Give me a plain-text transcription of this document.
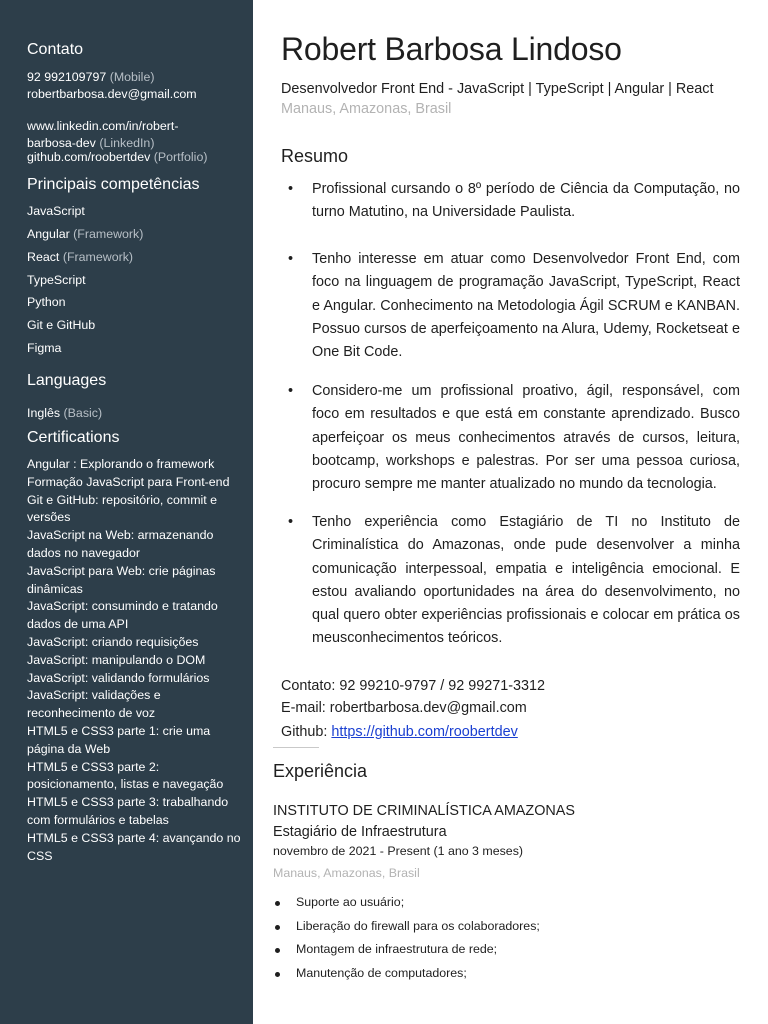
Contato
92 992109797 (Mobile)
robertbarbosa.dev@gmail.com
www.linkedin.com/in/robert-
barbosa-dev (LinkedIn)
github.com/roobertdev (Portfolio)
Principais competências
JavaScript
Angular (Framework)
React (Framework)
TypeScript
Python
Git e GitHub
Figma
Languages
Inglês (Basic)
Certifications
Angular : Explorando o framework
Formação JavaScript para Front-end
Git e GitHub: repositório, commit e versões
JavaScript na Web: armazenando dados no navegador
JavaScript para Web: crie páginas dinâmicas
JavaScript: consumindo e tratando dados de uma API
JavaScript: criando requisições
JavaScript: manipulando o DOM
JavaScript: validando formulários
JavaScript: validações e reconhecimento de voz
HTML5 e CSS3 parte 1: crie uma página da Web
HTML5 e CSS3 parte 2: posicionamento, listas e navegação
HTML5 e CSS3 parte 3: trabalhando com formulários e tabelas
HTML5 e CSS3 parte 4: avançando no CSS
Robert Barbosa Lindoso
Desenvolvedor Front End - JavaScript | TypeScript | Angular | React
Manaus, Amazonas, Brasil
Resumo
• Profissional cursando o 8º período de Ciência da Computação, no turno Matutino, na Universidade Paulista.
• Tenho interesse em atuar como Desenvolvedor Front End, com foco na linguagem de programação JavaScript, TypeScript, React e Angular. Conhecimento na Metodologia Ágil SCRUM e KANBAN. Possuo cursos de aperfeiçoamento na Alura, Udemy, Rocketseat e One Bit Code.
• Considero-me um profissional proativo, ágil, responsável, com foco em resultados e que está em constante aprendizado. Busco aperfeiçoar os meus conhecimentos através de cursos, leitura, bootcamp, workshops e palestras. Por ser uma pessoa curiosa, procuro sempre me manter atualizado no mundo da tecnologia.
• Tenho experiência como Estagiário de TI no Instituto de Criminalística do Amazonas, onde pude desenvolver a minha comunicação interpessoal, empatia e inteligência emocional. E estou avaliando oportunidades na área do desenvolvimento, no qual quero obter experiências profissionais e colocar em prática os meusconhecimentos teóricos.
Contato: 92 99210-9797 / 92 99271-3312
E-mail: robertbarbosa.dev@gmail.com
Github: https://github.com/roobertdev
Experiência
INSTITUTO DE CRIMINALÍSTICA AMAZONAS
Estagiário de Infraestrutura
novembro de 2021 - Present (1 ano 3 meses)
Manaus, Amazonas, Brasil
Suporte ao usuário;
Liberação do firewall para os colaboradores;
Montagem de infraestrutura de rede;
Manutenção de computadores;
